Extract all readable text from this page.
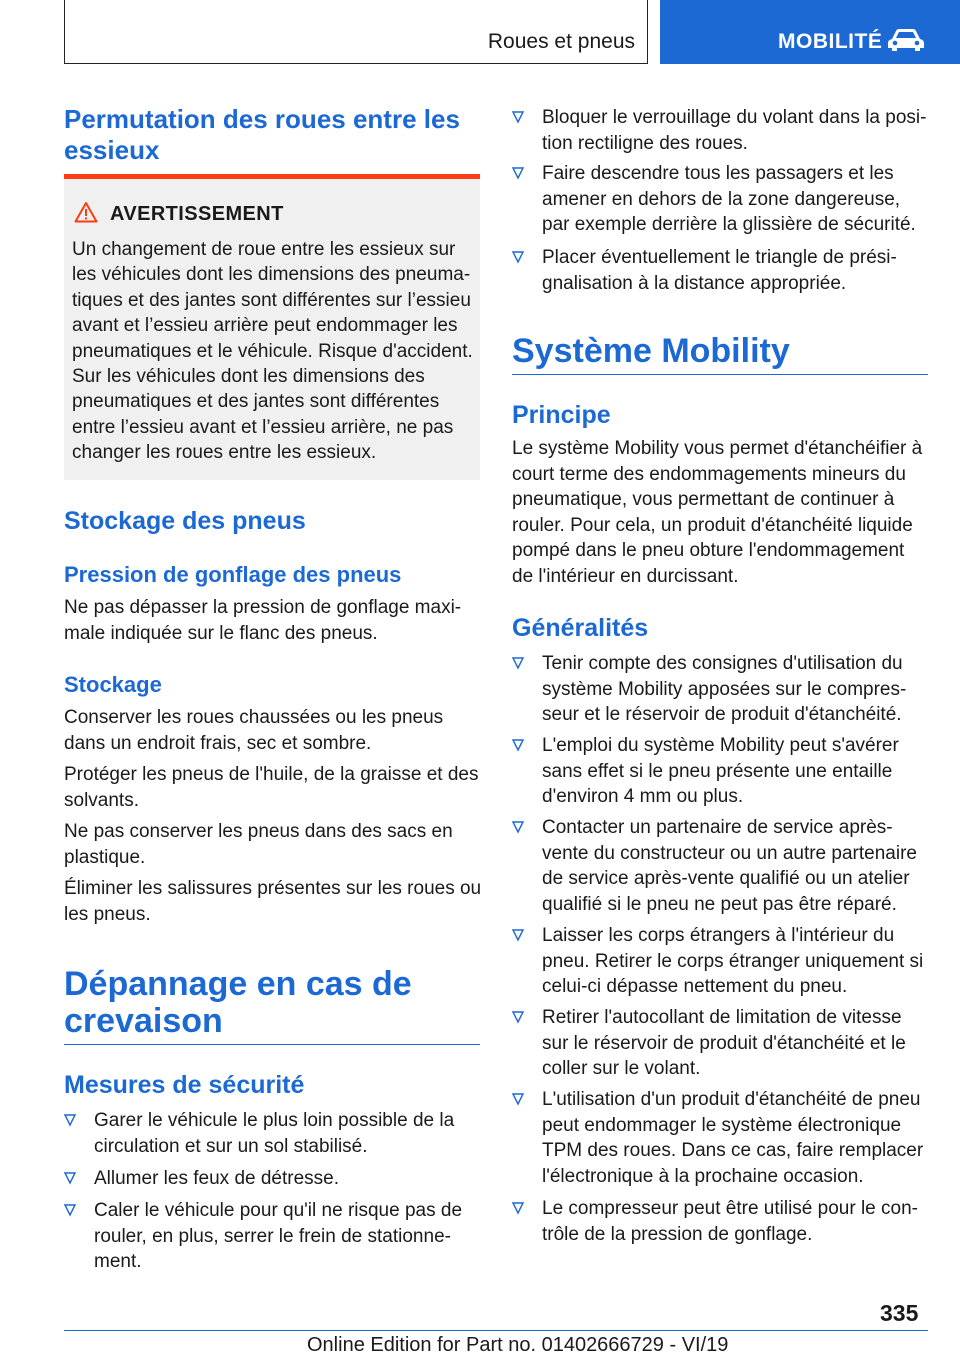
Roues et pneus	MOBILITÉ
Permutation des roues entre les essieux
AVERTISSEMENT

Un changement de roue entre les essieux sur
les véhicules dont les dimensions des pneuma-
tiques et des jantes sont différentes sur l’essieu
avant et l’essieu arrière peut endommager les
pneumatiques et le véhicule. Risque d'accident.
Sur les véhicules dont les dimensions des
pneumatiques et des jantes sont différentes
entre l’essieu avant et l’essieu arrière, ne pas
changer les roues entre les essieux.

Stockage des pneus
Pression de gonflage des pneus

Ne pas dépasser la pression de gonflage maxi-
male indiquée sur le flanc des pneus.

Stockage

Conserver les roues chaussées ou les pneus
dans un endroit frais, sec et sombre.

Protéger les pneus de l'huile, de la graisse et des
solvants.

Ne pas conserver les pneus dans des sacs en
plastique.

Éliminer les salissures présentes sur les roues ou
les pneus.

Dépannage en cas de
crevaison
Mesures de sécurité
Garer le véhicule le plus loin possible de la
circulation et sur un sol stabilisé.
Allumer les feux de détresse.
Caler le véhicule pour qu'il ne risque pas de
rouler, en plus, serrer le frein de stationne-
ment.
Bloquer le verrouillage du volant dans la posi-
tion rectiligne des roues.
Faire descendre tous les passagers et les
amener en dehors de la zone dangereuse,
par exemple derrière la glissière de sécurité.
Placer éventuellement le triangle de prési-
gnalisation à la distance appropriée.
Système Mobility
Principe

Le système Mobility vous permet d'étanchéifier à
court terme des endommagements mineurs du
pneumatique, vous permettant de continuer à
rouler. Pour cela, un produit d'étanchéité liquide
pompé dans le pneu obture l'endommagement
de l'intérieur en durcissant.

Généralités
Tenir compte des consignes d'utilisation du
système Mobility apposées sur le compres-
seur et le réservoir de produit d'étanchéité.
L'emploi du système Mobility peut s'avérer
sans effet si le pneu présente une entaille
d'environ 4 mm ou plus.
Contacter un partenaire de service après-
vente du constructeur ou un autre partenaire
de service après-vente qualifié ou un atelier
qualifié si le pneu ne peut pas être réparé.
Laisser les corps étrangers à l'intérieur du
pneu. Retirer le corps étranger uniquement si
celui-ci dépasse nettement du pneu.
Retirer l'autocollant de limitation de vitesse
sur le réservoir de produit d'étanchéité et le
coller sur le volant.
L'utilisation d'un produit d'étanchéité de pneu
peut endommager le système électronique
TPM des roues. Dans ce cas, faire remplacer
l'électronique à la prochaine occasion.
Le compresseur peut être utilisé pour le con-
trôle de la pression de gonflage.
335
Online Edition for Part no. 01402666729 - VI/19
